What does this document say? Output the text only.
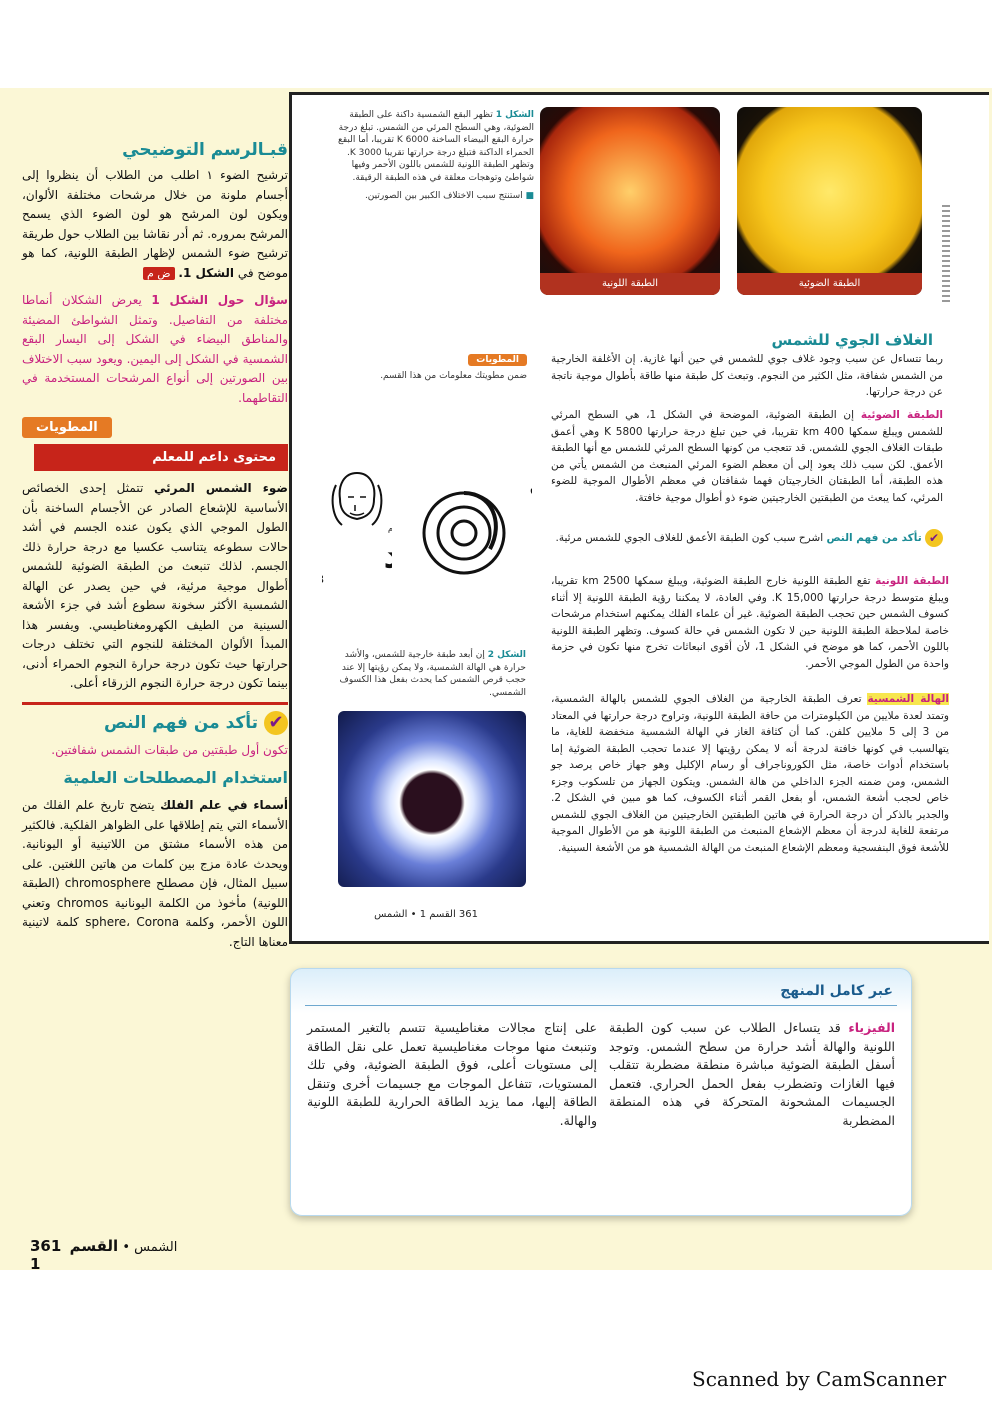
قبـالرسم التوضيحي

ترشيح الضوء ١ اطلب من الطلاب أن ينظروا إلى أجسام ملونة من خلال مرشحات مختلفة الألوان، ويكون لون المرشح هو لون الضوء الذي يسمح المرشح بمروره. ثم أدر نقاشا بين الطلاب حول طريقة ترشيح ضوء الشمس لإظهار الطبقة اللونية، كما هو موضح في الشكل 1. ض م

سؤال حول الشكل 1 يعرض الشكلان أنماطا مختلفة من التفاصيل. وتمثل الشواطئ المضيئة والمناطق البيضاء في الشكل إلى اليسار البقع الشمسية في الشكل إلى اليمين. ويعود سبب الاختلاف بين الصورتين إلى أنواع المرشحات المستخدمة في التقاطهما.

المطويات
محتوى داعم للمعلم

ضوء الشمس المرئي تتمثل إحدى الخصائص الأساسية للإشعاع الصادر عن الأجسام الساخنة بأن الطول الموجي الذي يكون عنده الجسم في أشد حالات سطوعه يتناسب عكسيا مع درجة حرارة ذلك الجسم. لذلك تنبعث من الطبقة الضوئية للشمس أطوال موجية مرئية، في حين يصدر عن الهالة الشمسية الأكثر سخونة سطوع أشد في جزء الأشعة السينية من الطيف الكهرومغناطيسي. ويفسر هذا المبدأ الألوان المختلفة للنجوم التي تختلف درجات حرارتها حيث تكون درجة حرارة النجوم الحمراء أدنى، بينما تكون درجة حرارة النجوم الزرقاء أعلى.

✔ تأكد من فهم النص

تكون أول طبقتين من طبقات الشمس شفافتين.

استخدام المصطلحات العلمية

أسماء في علم الفلك يتضح تاريخ علم الفلك من الأسماء التي يتم إطلاقها على الظواهر الفلكية. فالكثير من هذه الأسماء مشتق من اللاتينية أو اليونانية. ويحدث عادة مزج بين كلمات من هاتين اللغتين. على سبيل المثال، فإن مصطلح chromosphere (الطبقة اللونية) مأخوذ من الكلمة اليونانية chromos وتعني اللون الأحمر، وكلمة sphere، Corona كلمة لاتينية معناها التاج.

361	الشمس • القسم 1
الشكل 1 تظهر البقع الشمسية داكنة على الطبقة الضوئية، وهي السطح المرئي من الشمس. تبلغ درجة حرارة البقع البيضاء الساخنة 6000 K تقريبا، أما البقع الحمراء الداكنة فتبلغ درجة حرارتها تقريبا 3000 K. وتظهر الطبقة اللونية للشمس باللون الأحمر وفيها شواطئ وتوهجات معلقة في هذه الطبقة الرقيقة.
■ استنتج سبب الاختلاف الكبير بين الصورتين.
الطبقة اللونية	الطبقة الضوئية
الغلاف الجوي للشمس
ربما تتساءل عن سبب وجود غلاف جوي للشمس في حين أنها غازية. إن الأغلفة الخارجية من الشمس شفافة، مثل الكثير من النجوم. وتبعث كل طبقة منها طاقة بأطوال موجية ناتجة عن درجة حرارتها.
الطبقة الضوئية إن الطبقة الضوئية، الموضحة في الشكل 1، هي السطح المرئي للشمس ويبلغ سمكها 400 km تقريبا، في حين تبلغ درجة حرارتها 5800 K وهي أعمق طبقات الغلاف الجوي للشمس. قد تتعجب من كونها السطح المرئي للشمس مع أنها الطبقة الأعمق. لكن سبب ذلك يعود إلى أن معظم الضوء المرئي المنبعث من الشمس يأتي من هذه الطبقة، أما الطبقتان الخارجيتان فهما شفافتان في معظم الأطوال الموجية للضوء المرئي، كما يبعث من الطبقتين الخارجيتين ضوء ذو أطوال موجية خافتة.
✔ تأكد من فهم النص اشرح سبب كون الطبقة الأعمق للغلاف الجوي للشمس مرئية.
المطويات
ضمن مطويتك معلومات من هذا القسم.
م
الطبقة اللونية تقع الطبقة اللونية خارج الطبقة الضوئية، ويبلغ سمكها 2500 km تقريبا، ويبلغ متوسط درجة حرارتها 15,000 K. وفي العادة، لا يمكننا رؤية الطبقة اللونية إلا أثناء كسوف الشمس حين تحجب الطبقة الضوئية. غير أن علماء الفلك يمكنهم استخدام مرشحات خاصة لملاحظة الطبقة اللونية حين لا تكون الشمس في حالة كسوف. وتظهر الطبقة اللونية باللون الأحمر، كما هو موضح في الشكل 1، لأن أقوى انبعاثات تخرج منها تكون في حزمة واحدة من الطول الموجي الأحمر.
الهالة الشمسية تعرف الطبقة الخارجية من الغلاف الجوي للشمس بالهالة الشمسية، وتمتد لعدة ملايين من الكيلومترات من حافة الطبقة اللونية، وتراوح درجة حرارتها في المعتاد من 3 إلى 5 ملايين كلفن. كما أن كثافة الغاز في الهالة الشمسية منخفضة للغاية، ما يتهالسبب في كونها خافتة لدرجة أنه لا يمكن رؤيتها إلا عندما تحجب الطبقة الضوئية إما باستخدام أدوات خاصة، مثل الكوروناجراف أو رسام الإكليل وهو جهاز خاص يرصد جو الشمس، ومن ضمنه الجزء الداخلي من هالة الشمس. ويتكون الجهاز من تلسكوب وجزء خاص لحجب أشعة الشمس، أو بفعل القمر أثناء الكسوف، كما هو مبين في الشكل 2. والجدير بالذكر أن درجة الحرارة في هاتين الطبقتين الخارجيتين من الغلاف الجوي للشمس مرتفعة للغاية لدرجة أن معظم الإشعاع المنبعث من الطبقة اللونية هو من الأطوال الموجية للأشعة فوق البنفسجية ومعظم الإشعاع المنبعث من الهالة الشمسية هو من الأشعة السينية.
الشكل 2 إن أبعد طبقة خارجية للشمس، والأشد حرارة هي الهالة الشمسية، ولا يمكن رؤيتها إلا عند حجب قرص الشمس كما يحدث بفعل هذا الكسوف الشمسي.
361 القسم 1 • الشمس
عبر كامل المنهج
الفيزياء قد يتساءل الطلاب عن سبب كون الطبقة اللونية والهالة أشد حرارة من سطح الشمس. وتوجد أسفل الطبقة الضوئية مباشرة منطقة مضطربة تتقلب فيها الغازات وتضطرب بفعل الحمل الحراري. فتعمل الجسيمات المشحونة المتحركة في هذه المنطقة المضطربة
على إنتاج مجالات مغناطيسية تتسم بالتغير المستمر وتنبعث منها موجات مغناطيسية تعمل على نقل الطاقة إلى مستويات أعلى، فوق الطبقة الضوئية، وفي تلك المستويات، تتفاعل الموجات مع جسيمات أخرى وتنقل الطاقة إليها، مما يزيد الطاقة الحرارية للطبقة اللونية والهالة.
Scanned by CamScanner
